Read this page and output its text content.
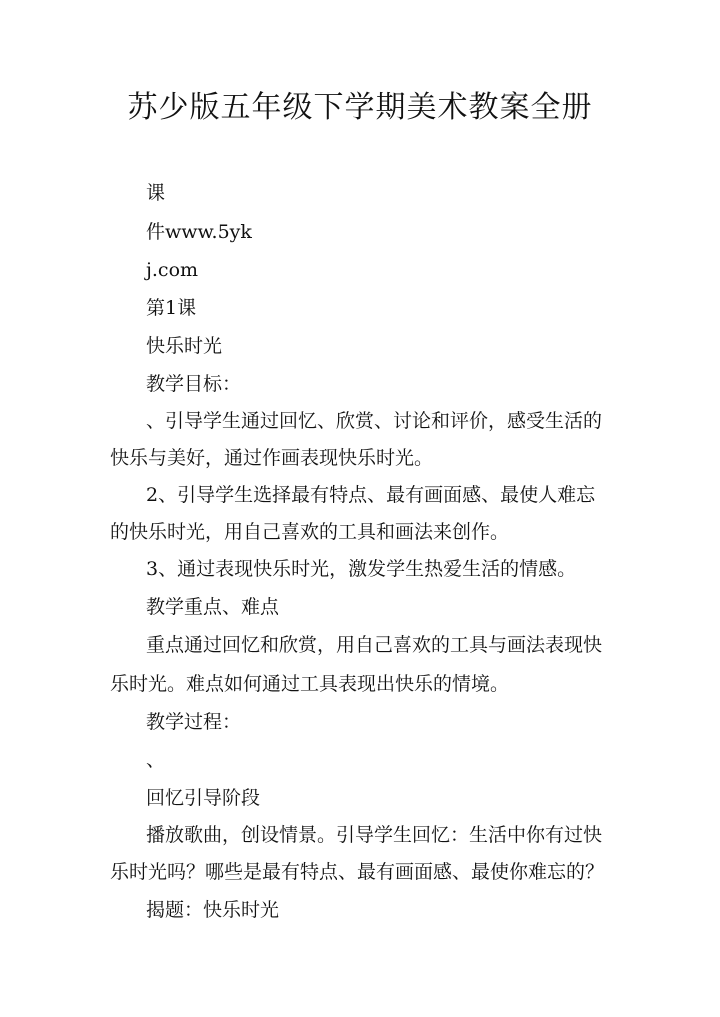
苏少版五年级下学期美术教案全册
课
件www.5yk
j.com
第1课
快乐时光
教学目标：
、引导学生通过回忆、欣赏、讨论和评价，感受生活的
快乐与美好，通过作画表现快乐时光。
2、引导学生选择最有特点、最有画面感、最使人难忘
的快乐时光，用自己喜欢的工具和画法来创作。
3、通过表现快乐时光，激发学生热爱生活的情感。
教学重点、难点
重点通过回忆和欣赏，用自己喜欢的工具与画法表现快
乐时光。难点如何通过工具表现出快乐的情境。
教学过程：
、
回忆引导阶段
播放歌曲，创设情景。引导学生回忆：生活中你有过快
乐时光吗？哪些是最有特点、最有画面感、最使你难忘的？
揭题：快乐时光
